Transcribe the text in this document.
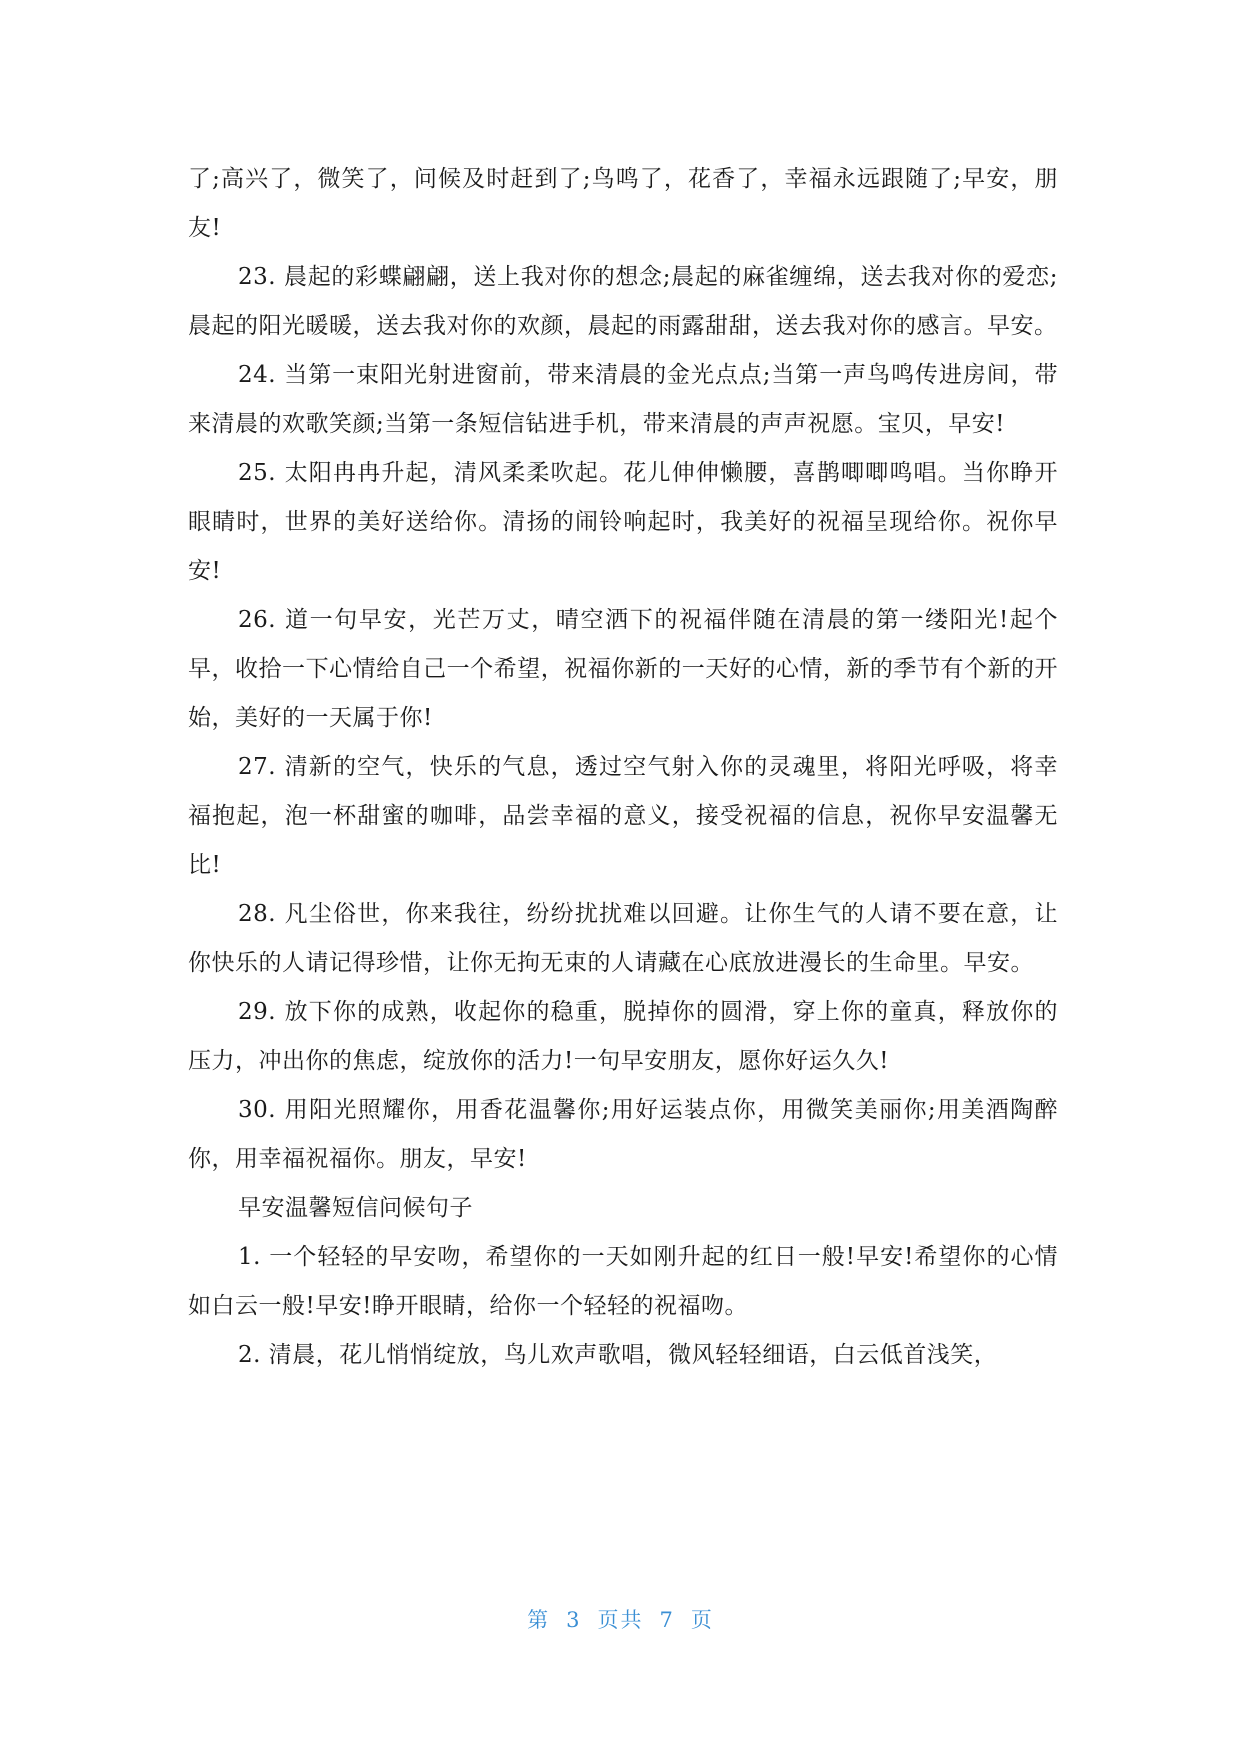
了;高兴了，微笑了，问候及时赶到了;鸟鸣了，花香了，幸福永远跟随了;早安，朋友!

23. 晨起的彩蝶翩翩，送上我对你的想念;晨起的麻雀缠绵，送去我对你的爱恋;晨起的阳光暖暖，送去我对你的欢颜，晨起的雨露甜甜，送去我对你的感言。早安。

24. 当第一束阳光射进窗前，带来清晨的金光点点;当第一声鸟鸣传进房间，带来清晨的欢歌笑颜;当第一条短信钻进手机，带来清晨的声声祝愿。宝贝，早安!

25. 太阳冉冉升起，清风柔柔吹起。花儿伸伸懒腰，喜鹊唧唧鸣唱。当你睁开眼睛时，世界的美好送给你。清扬的闹铃响起时，我美好的祝福呈现给你。祝你早安!

26. 道一句早安，光芒万丈，晴空洒下的祝福伴随在清晨的第一缕阳光!起个早，收拾一下心情给自己一个希望，祝福你新的一天好的心情，新的季节有个新的开始，美好的一天属于你!

27. 清新的空气，快乐的气息，透过空气射入你的灵魂里，将阳光呼吸，将幸福抱起，泡一杯甜蜜的咖啡，品尝幸福的意义，接受祝福的信息，祝你早安温馨无比!

28. 凡尘俗世，你来我往，纷纷扰扰难以回避。让你生气的人请不要在意，让你快乐的人请记得珍惜，让你无拘无束的人请藏在心底放进漫长的生命里。早安。

29. 放下你的成熟，收起你的稳重，脱掉你的圆滑，穿上你的童真，释放你的压力，冲出你的焦虑，绽放你的活力!一句早安朋友，愿你好运久久!

30. 用阳光照耀你，用香花温馨你;用好运装点你，用微笑美丽你;用美酒陶醉你，用幸福祝福你。朋友，早安!

早安温馨短信问候句子

1. 一个轻轻的早安吻，希望你的一天如刚升起的红日一般!早安!希望你的心情如白云一般!早安!睁开眼睛，给你一个轻轻的祝福吻。

2. 清晨，花儿悄悄绽放，鸟儿欢声歌唱，微风轻轻细语，白云低首浅笑，

第 3 页共 7 页
